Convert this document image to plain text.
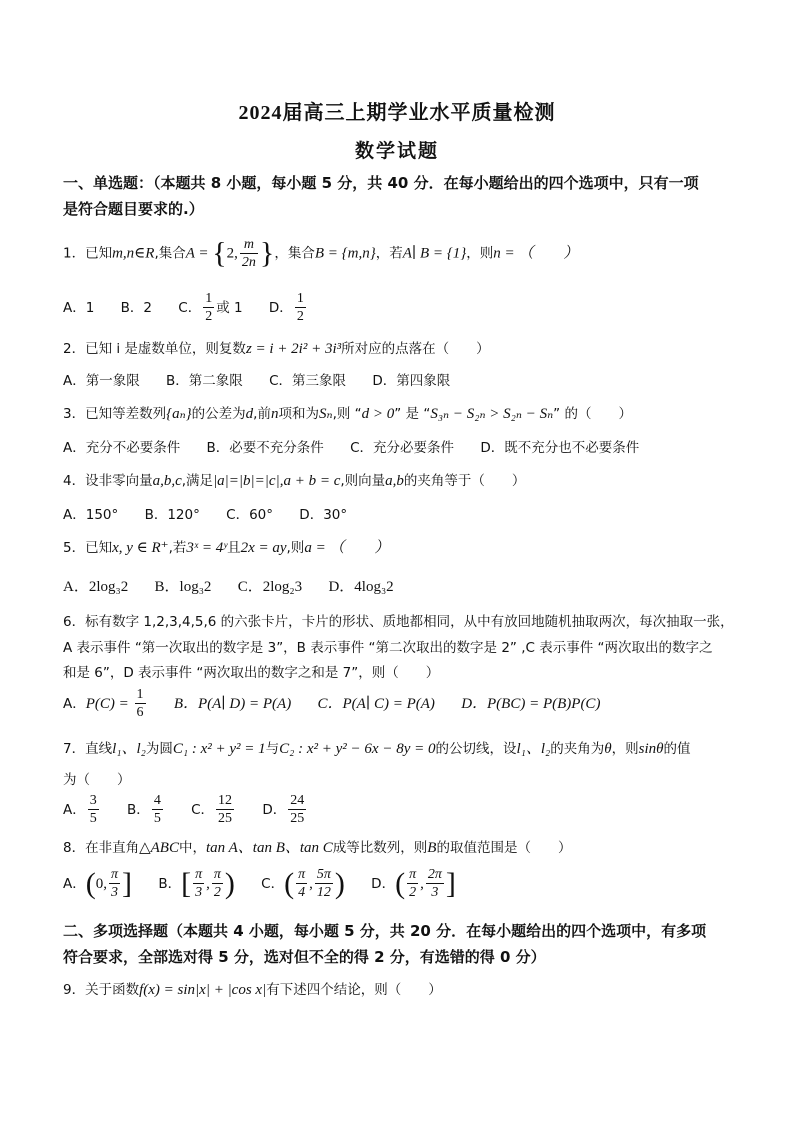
2024届高三上期学业水平质量检测
数学试题
一、单选题：（本题共 8 小题，每小题 5 分，共 40 分．在每小题给出的四个选项中，只有一项
是符合题目要求的.）
1．已知m,n∈R,集合A = {2, $\frac{m}{2n}$ }，集合B = {m,n}，若A∣ B = {1}，则n = （　　）
A．1 B．2 C． $\frac{1}{2}$ 或 1 D． $\frac{1}{2}$
2．已知 i 是虚数单位，则复数z = i + 2i² + 3i³所对应的点落在（　　）
A．第一象限 B．第二象限 C．第三象限 D．第四象限
3．已知等差数列{aₙ}的公差为d,前n项和为Sₙ,则 “d > 0” 是 “S₃ₙ − S₂ₙ > S₂ₙ − Sₙ” 的（　　）
A．充分不必要条件 B．必要不充分条件 C．充分必要条件 D．既不充分也不必要条件
4．设非零向量a,b,c,满足|a|=|b|=|c|,a + b = c,则向量a,b的夹角等于（　　）
A．150° B．120° C．60° D．30°
5．已知x, y ∈ R⁺,若3ˣ = 4ʸ且2x = ay,则a = （　　）
A．2log₃2 B．log₃2 C．2log₂3 D．4log₃2
6．标有数字 1,2,3,4,5,6 的六张卡片，卡片的形状、质地都相同，从中有放回地随机抽取两次，每次抽取一张，
A 表示事件 “第一次取出的数字是 3”，B 表示事件 “第二次取出的数字是 2” ,C 表示事件 “两次取出的数字之
和是 6”，D 表示事件 “两次取出的数字之和是 7”，则（　　）
A．$P(C) = \frac{1}{6}$ B．P(A∣ D) = P(A) C．P(A∣ C) = P(A) D．P(BC) = P(B)P(C)
7．直线l₁、l₂为圆C₁ : x² + y² = 1与C₂ : x² + y² − 6x − 8y = 0的公切线，设l₁、l₂的夹角为θ，则sinθ的值
为（　　）
A． $\frac{3}{5}$ B． $\frac{4}{5}$ C． $\frac{12}{25}$ D． $\frac{24}{25}$
8．在非直角△ABC中，tan A、tan B、tan C成等比数列，则B的取值范围是（　　）
A．(0, $\frac{\pi}{3}$ ] B．[ $\frac{\pi}{3}$ , $\frac{\pi}{2}$ ) C．( $\frac{\pi}{4}$ , $\frac{5\pi}{12}$ ) D．( $\frac{\pi}{2}$ , $\frac{2\pi}{3}$ ]
二、多项选择题（本题共 4 小题，每小题 5 分，共 20 分．在每小题给出的四个选项中，有多项
符合要求，全部选对得 5 分，选对但不全的得 2 分，有选错的得 0 分）
9．关于函数f(x) = sin|x| + |cos x|有下述四个结论，则（　　）
